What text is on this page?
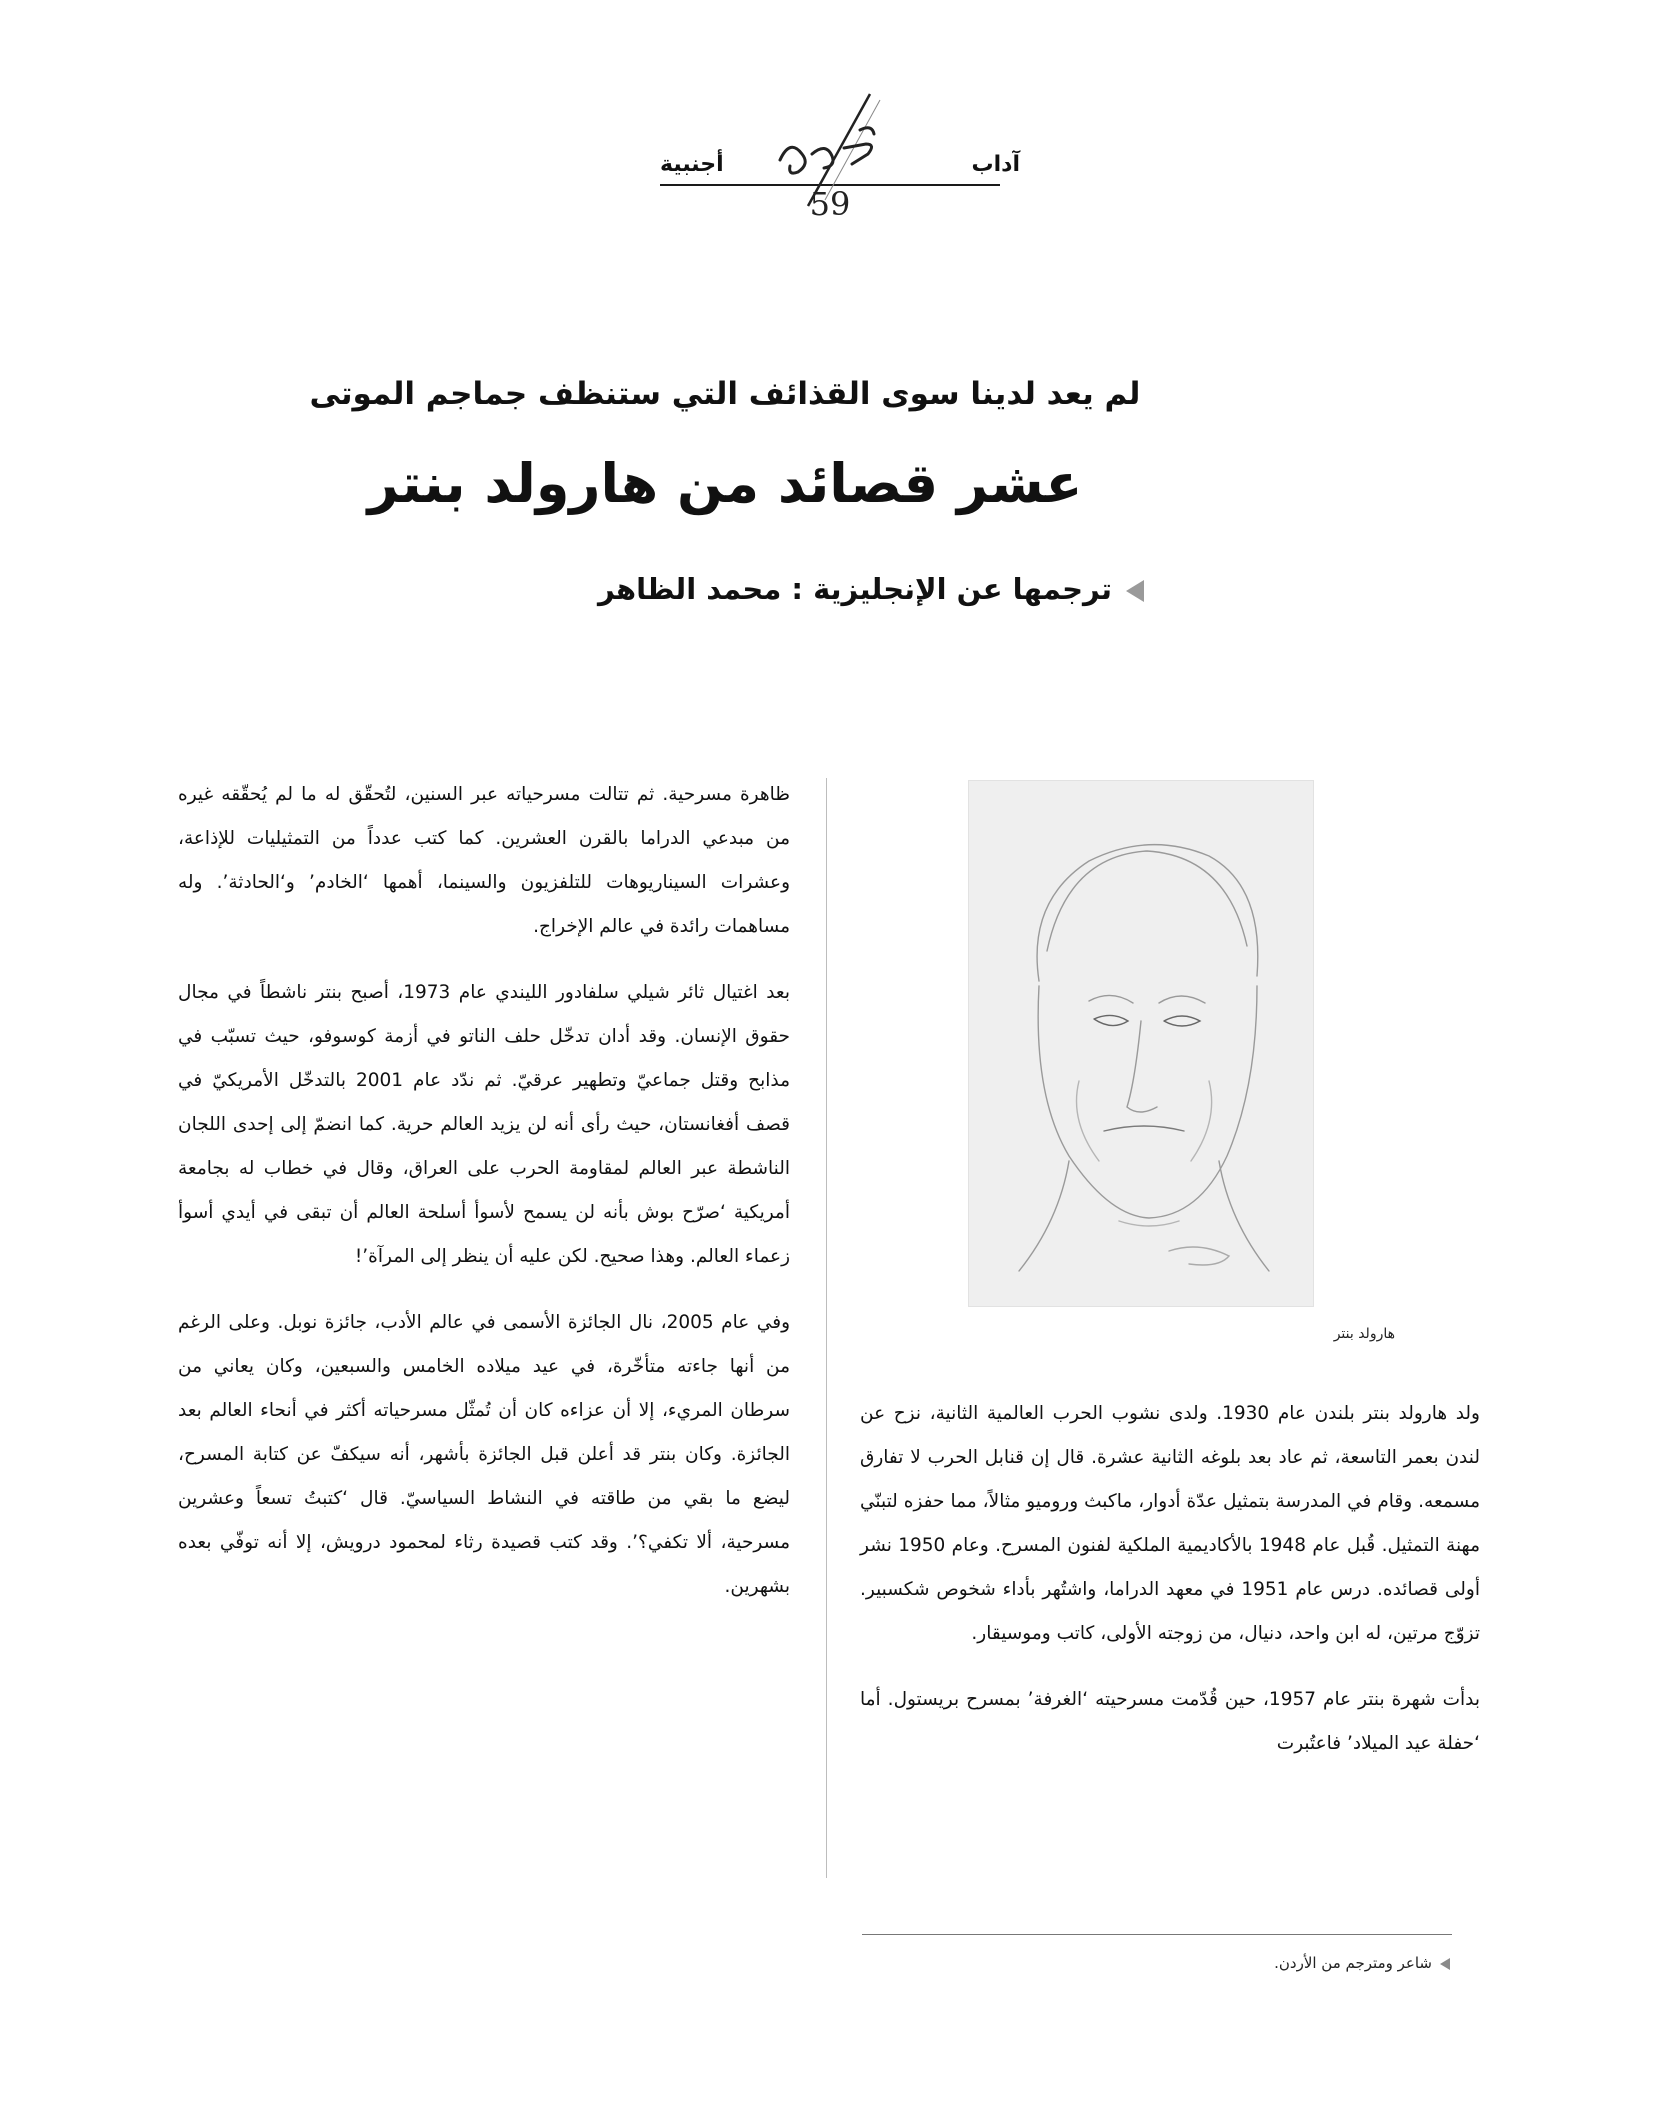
آداب
أجنبية
59
لم يعد لدينا سوى القذائف التي ستنظف جماجم الموتى
عشر قصائد من هارولد بنتر
ترجمها عن الإنجليزية : محمد الظاهر
هارولد بنتر

ولد هارولد بنتر بلندن عام 1930. ولدى نشوب الحرب العالمية الثانية، نزح عن لندن بعمر التاسعة، ثم عاد بعد بلوغه الثانية عشرة. قال إن قنابل الحرب لا تفارق مسمعه. وقام في المدرسة بتمثيل عدّة أدوار، ماكبث وروميو مثالاً، مما حفزه لتبنّي مهنة التمثيل. قُبل عام 1948 بالأكاديمية الملكية لفنون المسرح. وعام 1950 نشر أولى قصائده. درس عام 1951 في معهد الدراما، واشتُهر بأداء شخوص شكسبير. تزوّج مرتين، له ابن واحد، دنيال، من زوجته الأولى، كاتب وموسيقار.

بدأت شهرة بنتر عام 1957، حين قُدّمت مسرحيته ‘الغرفة’ بمسرح بريستول. أما ‘حفلة عيد الميلاد’ فاعتُبرت

ظاهرة مسرحية. ثم تتالت مسرحياته عبر السنين، لتُحقّق له ما لم يُحقّقه غيره من مبدعي الدراما بالقرن العشرين. كما كتب عدداً من التمثيليات للإذاعة، وعشرات السيناريوهات للتلفزيون والسينما، أهمها ‘الخادم’ و‘الحادثة’. وله مساهمات رائدة في عالم الإخراج.

بعد اغتيال ثائر شيلي سلفادور الليندي عام 1973، أصبح بنتر ناشطاً في مجال حقوق الإنسان. وقد أدان تدخّل حلف الناتو في أزمة كوسوفو، حيث تسبّب في مذابح وقتل جماعيّ وتطهير عرقيّ. ثم ندّد عام 2001 بالتدخّل الأمريكيّ في قصف أفغانستان، حيث رأى أنه لن يزيد العالم حرية. كما انضمّ إلى إحدى اللجان الناشطة عبر العالم لمقاومة الحرب على العراق، وقال في خطاب له بجامعة أمريكية ‘صرّح بوش بأنه لن يسمح لأسوأ أسلحة العالم أن تبقى في أيدي أسوأ زعماء العالم. وهذا صحيح. لكن عليه أن ينظر إلى المرآة’!

وفي عام 2005، نال الجائزة الأسمى في عالم الأدب، جائزة نوبل. وعلى الرغم من أنها جاءته متأخّرة، في عيد ميلاده الخامس والسبعين، وكان يعاني من سرطان المريء، إلا أن عزاءه كان أن تُمثّل مسرحياته أكثر في أنحاء العالم بعد الجائزة. وكان بنتر قد أعلن قبل الجائزة بأشهر، أنه سيكفّ عن كتابة المسرح، ليضع ما بقي من طاقته في النشاط السياسيّ. قال ‘كتبتُ تسعاً وعشرين مسرحية، ألا تكفي؟’. وقد كتب قصيدة رثاء لمحمود درويش، إلا أنه توفّي بعده بشهرين.

شاعر ومترجم من الأردن.
